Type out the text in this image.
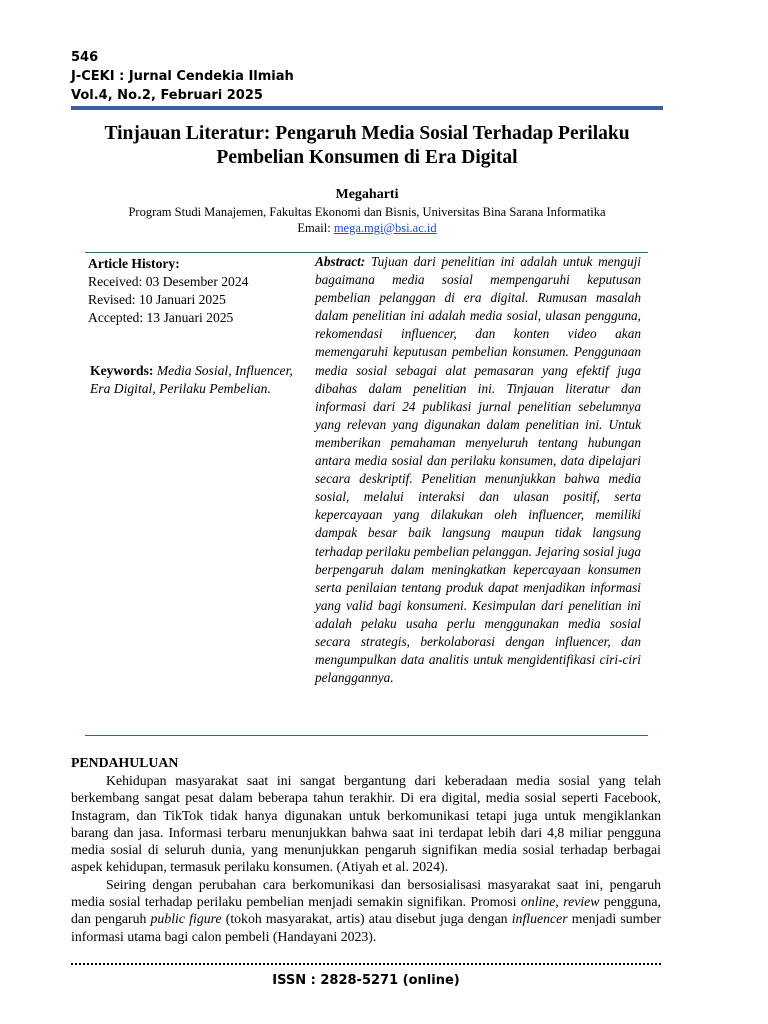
546
J-CEKI : Jurnal Cendekia Ilmiah
Vol.4, No.2, Februari 2025
Tinjauan Literatur: Pengaruh Media Sosial Terhadap Perilaku
Pembelian Konsumen di Era Digital
Megaharti
Program Studi Manajemen, Fakultas Ekonomi dan Bisnis, Universitas Bina Sarana Informatika
Email: mega.mgi@bsi.ac.id
Article History:
Received: 03 Desember 2024
Revised: 10 Januari 2025
Accepted: 13 Januari 2025
Keywords: Media Sosial, Influencer, Era Digital, Perilaku Pembelian.
Abstract: Tujuan dari penelitian ini adalah untuk menguji bagaimana media sosial mempengaruhi keputusan pembelian pelanggan di era digital. Rumusan masalah dalam penelitian ini adalah media sosial, ulasan pengguna, rekomendasi influencer, dan konten video akan memengaruhi keputusan pembelian konsumen. Penggunaan media sosial sebagai alat pemasaran yang efektif juga dibahas dalam penelitian ini. Tinjauan literatur dan informasi dari 24 publikasi jurnal penelitian sebelumnya yang relevan yang digunakan dalam penelitian ini. Untuk memberikan pemahaman menyeluruh tentang hubungan antara media sosial dan perilaku konsumen, data dipelajari secara deskriptif. Penelitian menunjukkan bahwa media sosial, melalui interaksi dan ulasan positif, serta kepercayaan yang dilakukan oleh influencer, memiliki dampak besar baik langsung maupun tidak langsung terhadap perilaku pembelian pelanggan. Jejaring sosial juga berpengaruh dalam meningkatkan kepercayaan konsumen serta penilaian tentang produk dapat menjadikan informasi yang valid bagi konsumeni. Kesimpulan dari penelitian ini adalah pelaku usaha perlu menggunakan media sosial secara strategis, berkolaborasi dengan influencer, dan mengumpulkan data analitis untuk mengidentifikasi ciri-ciri pelanggannya.
PENDAHULUAN

Kehidupan masyarakat saat ini sangat bergantung dari keberadaan media sosial yang telah berkembang sangat pesat dalam beberapa tahun terakhir. Di era digital, media sosial seperti Facebook, Instagram, dan TikTok tidak hanya digunakan untuk berkomunikasi tetapi juga untuk mengiklankan barang dan jasa. Informasi terbaru menunjukkan bahwa saat ini terdapat lebih dari 4,8 miliar pengguna media sosial di seluruh dunia, yang menunjukkan pengaruh signifikan media sosial terhadap berbagai aspek kehidupan, termasuk perilaku konsumen. (Atiyah et al. 2024).

Seiring dengan perubahan cara berkomunikasi dan bersosialisasi masyarakat saat ini, pengaruh media sosial terhadap perilaku pembelian menjadi semakin signifikan. Promosi online, review pengguna, dan pengaruh public figure (tokoh masyarakat, artis) atau disebut juga dengan influencer menjadi sumber informasi utama bagi calon pembeli (Handayani 2023).

ISSN : 2828-5271 (online)
